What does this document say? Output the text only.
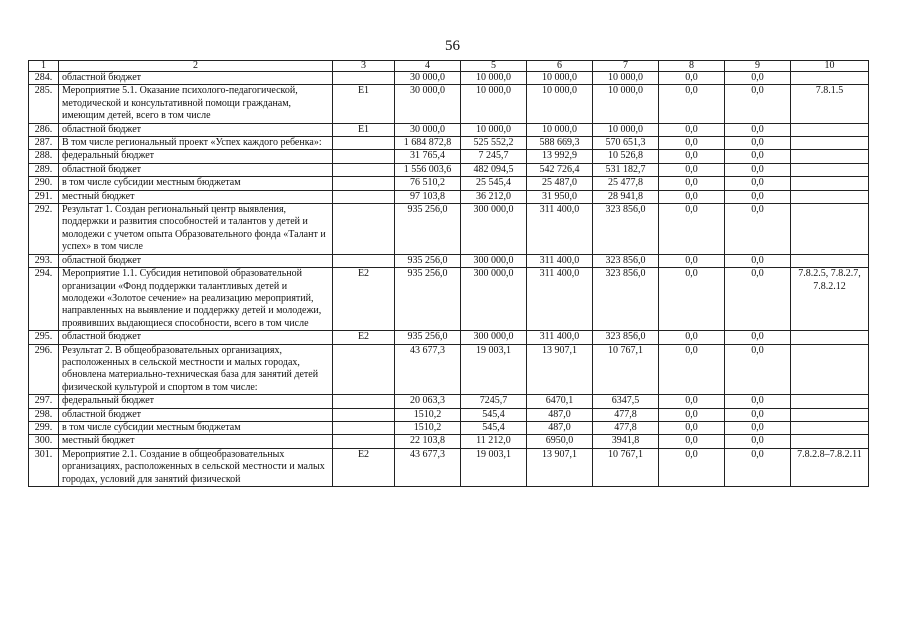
56
1	2	3	4	5	6	7	8	9	10
284.	областной бюджет		30 000,0	10 000,0	10 000,0	10 000,0	0,0	0,0	
285.	Мероприятие 5.1. Оказание психолого-педагогической, методической и консультативной помощи гражданам, имеющим детей, всего в том числе	Е1	30 000,0	10 000,0	10 000,0	10 000,0	0,0	0,0	7.8.1.5
286.	областной бюджет	Е1	30 000,0	10 000,0	10 000,0	10 000,0	0,0	0,0	
287.	В том числе региональный проект «Успех каждого ребенка»:		1 684 872,8	525 552,2	588 669,3	570 651,3	0,0	0,0	
288.	федеральный бюджет		31 765,4	7 245,7	13 992,9	10 526,8	0,0	0,0	
289.	областной бюджет		1 556 003,6	482 094,5	542 726,4	531 182,7	0,0	0,0	
290.	в том числе субсидии местным бюджетам		76 510,2	25 545,4	25 487,0	25 477,8	0,0	0,0	
291.	местный бюджет		97 103,8	36 212,0	31 950,0	28 941,8	0,0	0,0	
292.	Результат 1. Создан региональный центр выявления, поддержки и развития способностей и талантов у детей и молодежи с учетом опыта Образовательного фонда «Талант и успех» в том числе		935 256,0	300 000,0	311 400,0	323 856,0	0,0	0,0	
293.	областной бюджет		935 256,0	300 000,0	311 400,0	323 856,0	0,0	0,0	
294.	Мероприятие 1.1. Субсидия нетиповой образовательной организации «Фонд поддержки талантливых детей и молодежи «Золотое сечение» на реализацию мероприятий, направленных на выявление и поддержку детей и молодежи, проявивших выдающиеся способности, всего в том числе	Е2	935 256,0	300 000,0	311 400,0	323 856,0	0,0	0,0	7.8.2.5, 7.8.2.7, 7.8.2.12
295.	областной бюджет	Е2	935 256,0	300 000,0	311 400,0	323 856,0	0,0	0,0	
296.	Результат 2. В общеобразовательных организациях, расположенных в сельской местности и малых городах, обновлена материально-техническая база для занятий детей физической культурой и спортом в том числе:		43 677,3	19 003,1	13 907,1	10 767,1	0,0	0,0	
297.	федеральный бюджет		20 063,3	7245,7	6470,1	6347,5	0,0	0,0	
298.	областной бюджет		1510,2	545,4	487,0	477,8	0,0	0,0	
299.	в том числе субсидии местным бюджетам		1510,2	545,4	487,0	477,8	0,0	0,0	
300.	местный бюджет		22 103,8	11 212,0	6950,0	3941,8	0,0	0,0	
301.	Мероприятие 2.1. Создание в общеобразовательных организациях, расположенных в сельской местности и малых городах, условий для занятий физической	Е2	43 677,3	19 003,1	13 907,1	10 767,1	0,0	0,0	7.8.2.8–7.8.2.11
